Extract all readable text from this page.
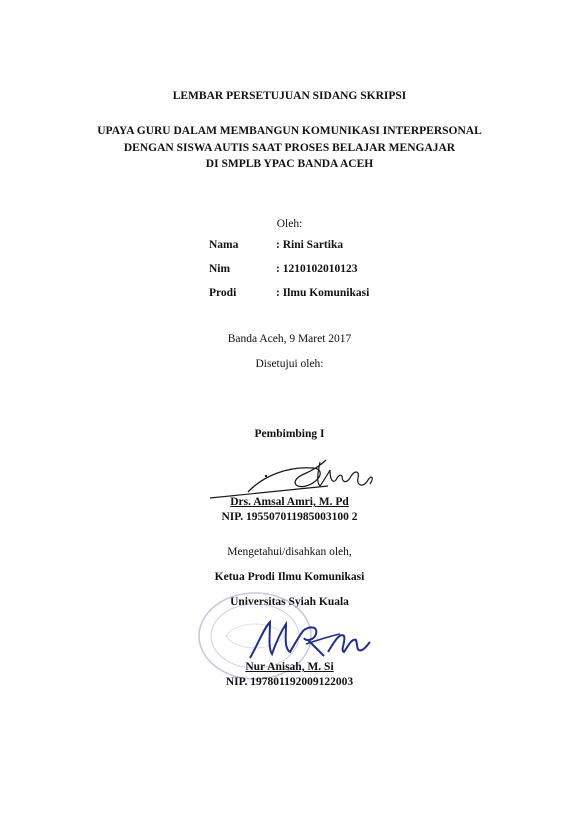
LEMBAR PERSETUJUAN SIDANG SKRIPSI
UPAYA GURU DALAM MEMBANGUN KOMUNIKASI INTERPERSONAL
DENGAN SISWA AUTIS SAAT PROSES BELAJAR MENGAJAR
DI SMPLB YPAC BANDA ACEH
Oleh:
Nama	: Rini Sartika
Nim	: 1210102010123
Prodi	: Ilmu Komunikasi
Banda Aceh, 9 Maret 2017
Disetujui oleh:
Pembimbing I
Drs. Amsal Amri, M. Pd
NIP. 195507011985003100 2
Mengetahui/disahkan oleh,
Ketua Prodi Ilmu Komunikasi
Universitas Syiah Kuala
Nur Anisah, M. Si
NIP. 197801192009122003
